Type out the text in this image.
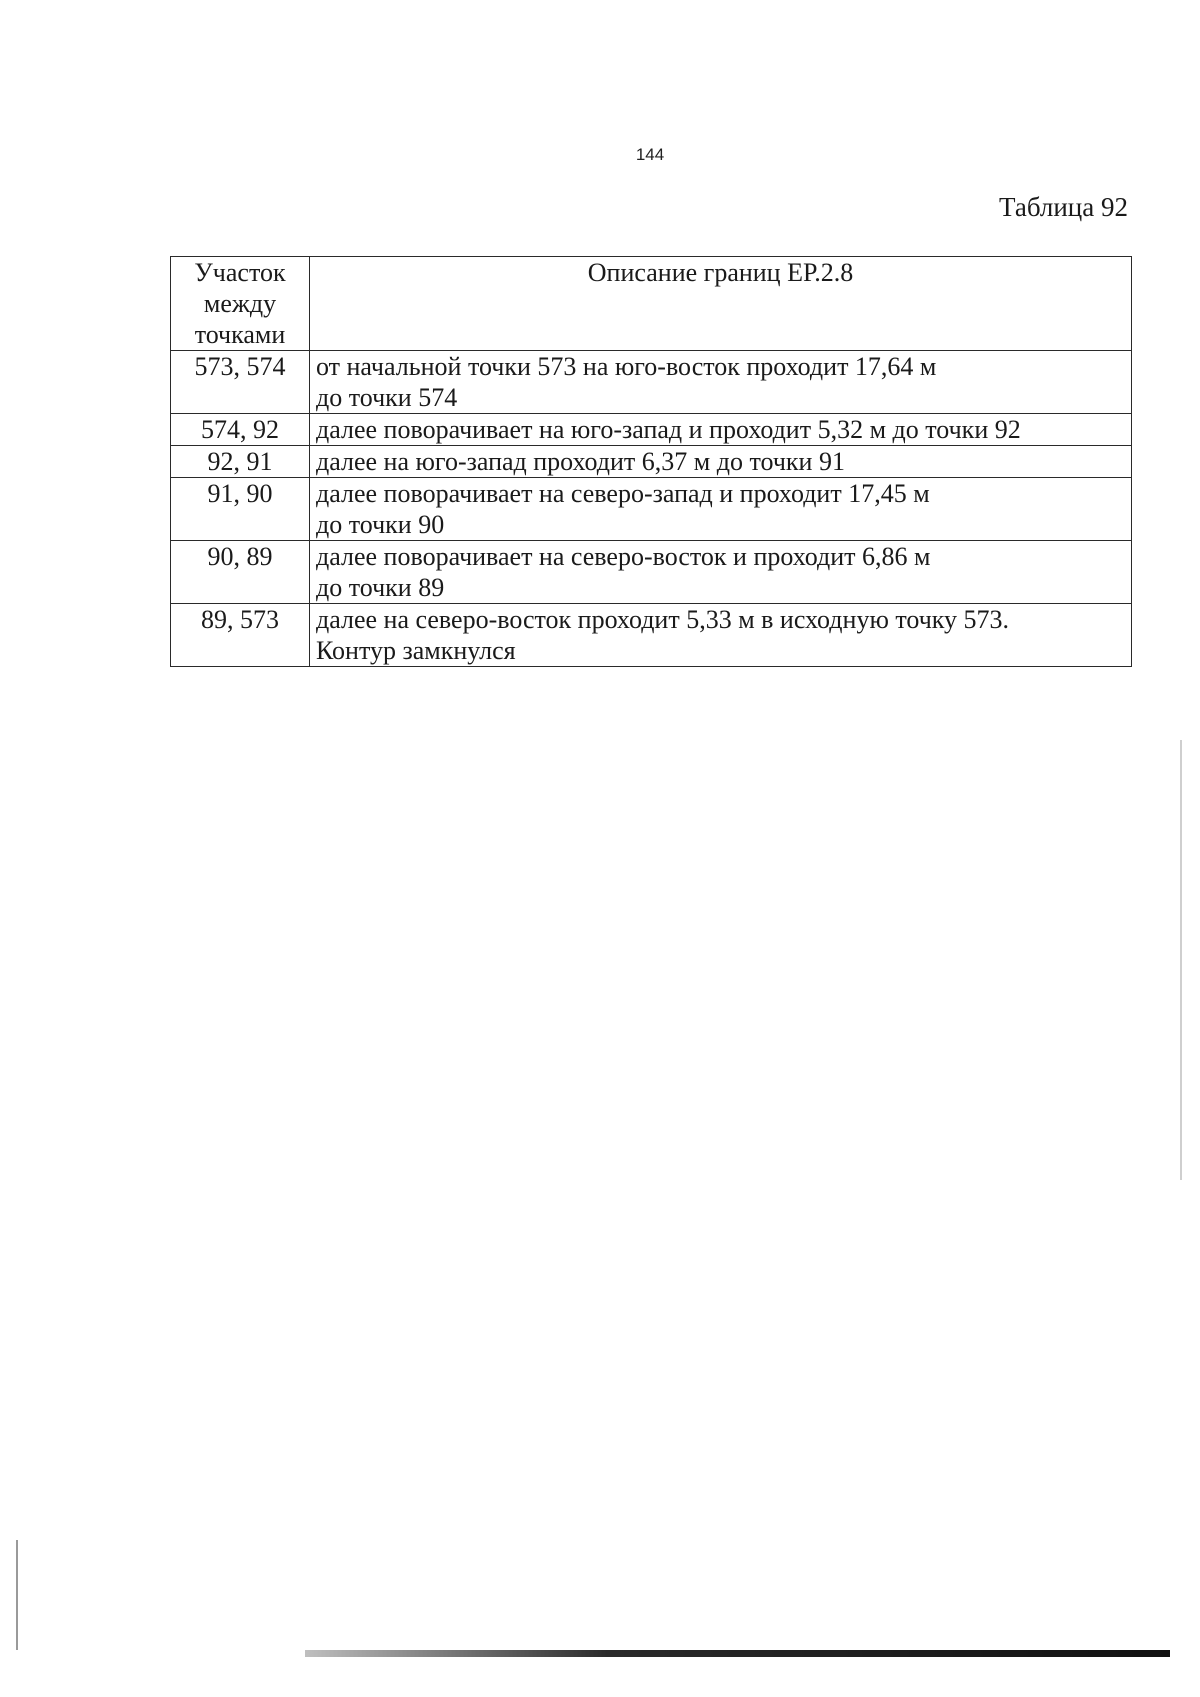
144
Таблица 92
Участок
между
точками	Описание границ ЕР.2.8
573, 574	от начальной точки 573 на юго-восток проходит 17,64 м
до точки 574

574, 92	далее поворачивает на юго-запад и проходит 5,32 м до точки 92

92, 91	далее на юго-запад проходит 6,37 м до точки 91

91, 90	далее поворачивает на северо-запад и проходит 17,45 м
до точки 90

90, 89	далее поворачивает на северо-восток и проходит 6,86 м
до точки 89

89, 573	далее на северо-восток проходит 5,33 м в исходную точку 573.
Контур замкнулся
